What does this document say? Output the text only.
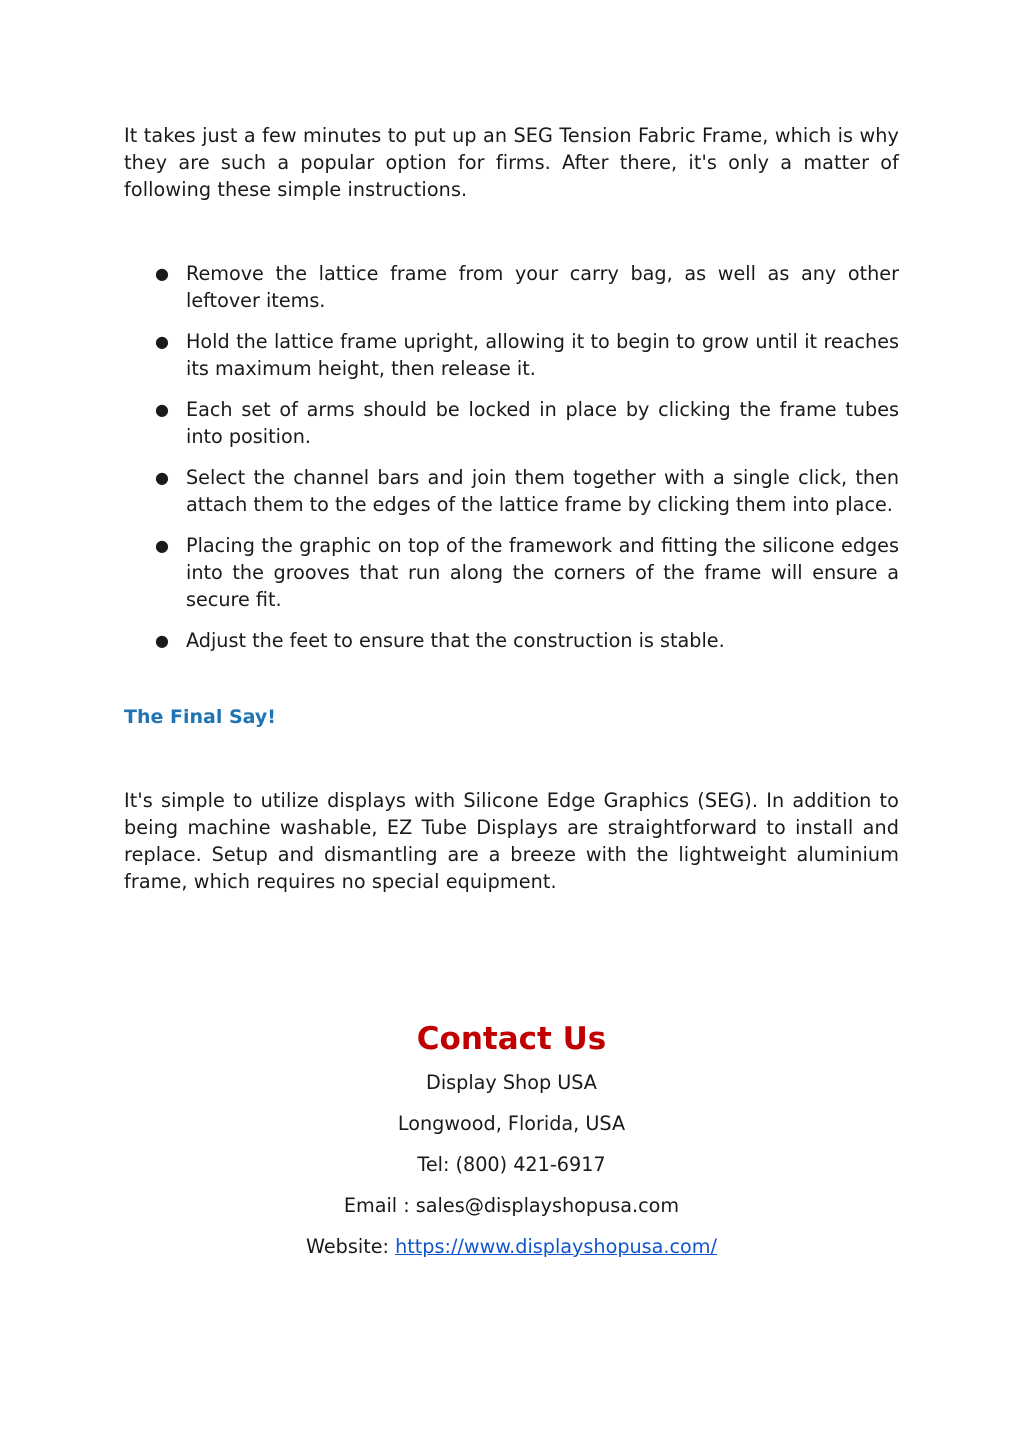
It takes just a few minutes to put up an SEG Tension Fabric Frame, which is why they are such a popular option for firms. After there, it's only a matter of following these simple instructions.

● Remove the lattice frame from your carry bag, as well as any other leftover items.
● Hold the lattice frame upright, allowing it to begin to grow until it reaches its maximum height, then release it.
● Each set of arms should be locked in place by clicking the frame tubes into position.
● Select the channel bars and join them together with a single click, then attach them to the edges of the lattice frame by clicking them into place.
● Placing the graphic on top of the framework and fitting the silicone edges into the grooves that run along the corners of the frame will ensure a secure fit.
● Adjust the feet to ensure that the construction is stable.
The Final Say!

It's simple to utilize displays with Silicone Edge Graphics (SEG). In addition to being machine washable, EZ Tube Displays are straightforward to install and replace. Setup and dismantling are a breeze with the lightweight aluminium frame, which requires no special equipment.

Contact Us

Display Shop USA

Longwood, Florida, USA

Tel: (800) 421-6917

Email : sales@displayshopusa.com

Website: https://www.displayshopusa.com/
